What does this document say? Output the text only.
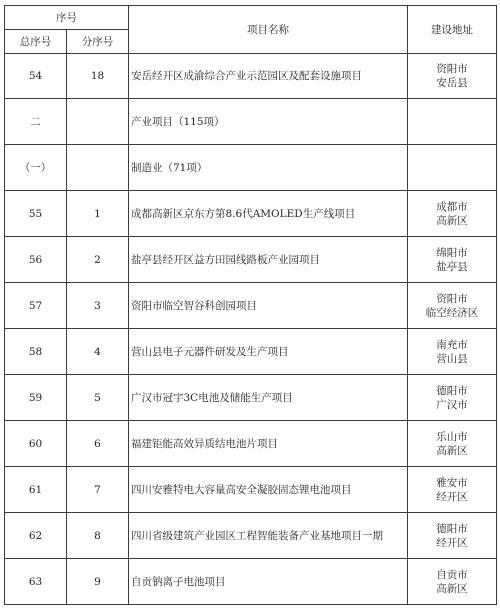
序号		项目名称	建设地址
总序号	分序号		
54	18	安岳经开区成渝综合产业示范园区及配套设施项目	资阳市
安岳县

二		产业项目（115项）	

（一）		制造业（71项）	

55	1	成都高新区京东方第8.6代AMOLED生产线项目	成都市
高新区

56	2	盐亭县经开区益方田园线路板产业园项目	绵阳市
盐亭县

57	3	资阳市临空智谷科创园项目	资阳市
临空经济区

58	4	营山县电子元器件研发及生产项目	南充市
营山县

59	5	广汉市冠宇3C电池及储能生产项目	德阳市
广汉市

60	6	福建钜能高效异质结电池片项目	乐山市
高新区

61	7	四川安雅特电大容量高安全凝胶固态锂电池项目	雅安市
经开区

62	8	四川省级建筑产业园区工程智能装备产业基地项目一期	德阳市
经开区

63	9	自贡钠离子电池项目	自贡市
高新区
